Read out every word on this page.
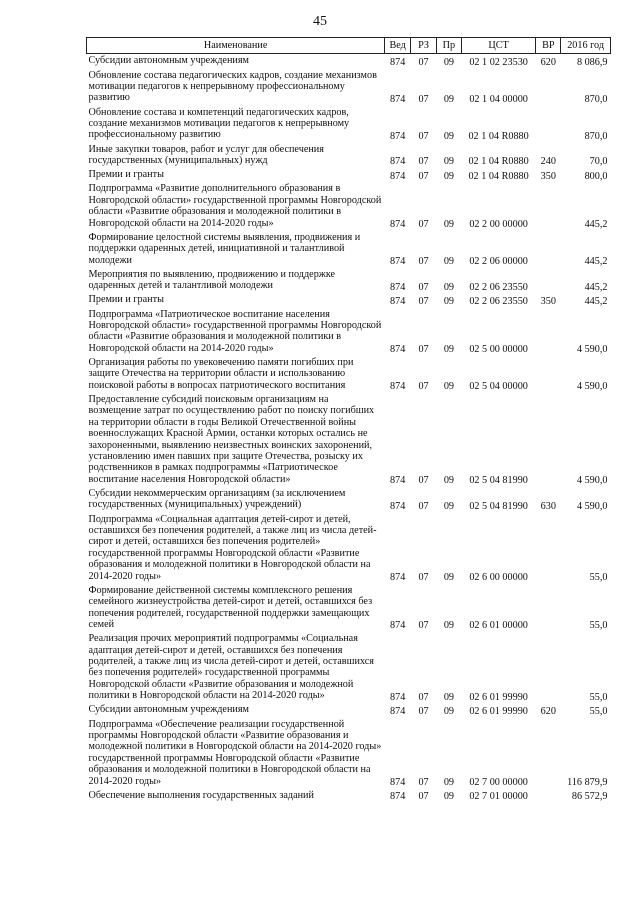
45
Наименование	Вед	РЗ	Пр	ЦСТ	ВР	2016 год
Субсидии автономным учреждениям	874	07	09	02 1 02 23530	620	8 086,9
Обновление состава педагогических кадров, создание механизмов мотивации педагогов к непрерывному профессиональному развитию	874	07	09	02 1 04 00000		870,0
Обновление состава и компетенций педагогических кадров, создание механизмов мотивации педагогов к непрерывному профессиональному развитию	874	07	09	02 1 04 R0880		870,0
Иные закупки товаров, работ и услуг для обеспечения государственных (муниципальных) нужд	874	07	09	02 1 04 R0880	240	70,0
Премии и гранты	874	07	09	02 1 04 R0880	350	800,0
Подпрограмма «Развитие дополнительного образования в Новгородской области» государственной программы Новгородской области «Развитие образования и молодежной политики в Новгородской области на 2014-2020 годы»	874	07	09	02 2 00 00000		445,2
Формирование целостной системы выявления, продвижения и поддержки одаренных детей, инициативной и талантливой молодежи	874	07	09	02 2 06 00000		445,2
Мероприятия по выявлению, продвижению и поддержке одаренных детей и талантливой молодежи	874	07	09	02 2 06 23550		445,2
Премии и гранты	874	07	09	02 2 06 23550	350	445,2
Подпрограмма «Патриотическое воспитание населения Новгородской области» государственной программы Новгородской области «Развитие образования и молодежной политики в Новгородской области на 2014-2020 годы»	874	07	09	02 5 00 00000		4 590,0
Организация работы по увековечению памяти погибших при защите Отечества на территории области и использованию поисковой работы в вопросах патриотического воспитания	874	07	09	02 5 04 00000		4 590,0
Предоставление субсидий поисковым организациям на возмещение затрат по осуществлению работ по поиску погибших на территории области в годы Великой Отечественной войны военнослужащих Красной Армии, останки которых остались не захороненными, выявлению неизвестных воинских захоронений, установлению имен павших при защите Отечества, розыску их родственников в рамках подпрограммы «Патриотическое воспитание населения Новгородской области»	874	07	09	02 5 04 81990		4 590,0
Субсидии некоммерческим организациям (за исключением государственных (муниципальных) учреждений)	874	07	09	02 5 04 81990	630	4 590,0
Подпрограмма «Социальная адаптация детей-сирот и детей, оставшихся без попечения родителей, а также лиц из числа детей-сирот и детей, оставшихся без попечения родителей» государственной программы Новгородской области «Развитие образования и молодежной политики в Новгородской области на 2014-2020 годы»	874	07	09	02 6 00 00000		55,0
Формирование действенной системы комплексного решения семейного жизнеустройства детей-сирот и детей, оставшихся без попечения родителей, государственной поддержки замещающих семей	874	07	09	02 6 01 00000		55,0
Реализация прочих мероприятий подпрограммы «Социальная адаптация детей-сирот и детей, оставшихся без попечения родителей, а также лиц из числа детей-сирот и детей, оставшихся без попечения родителей» государственной программы Новгородской области «Развитие образования и молодежной политики в Новгородской области на 2014-2020 годы»	874	07	09	02 6 01 99990		55,0
Субсидии автономным учреждениям	874	07	09	02 6 01 99990	620	55,0
Подпрограмма «Обеспечение реализации государственной программы Новгородской области «Развитие образования и молодежной политики в Новгородской области на 2014-2020 годы» государственной программы Новгородской области «Развитие образования и молодежной политики в Новгородской области на 2014-2020 годы»	874	07	09	02 7 00 00000		116 879,9
Обеспечение выполнения государственных заданий	874	07	09	02 7 01 00000		86 572,9
